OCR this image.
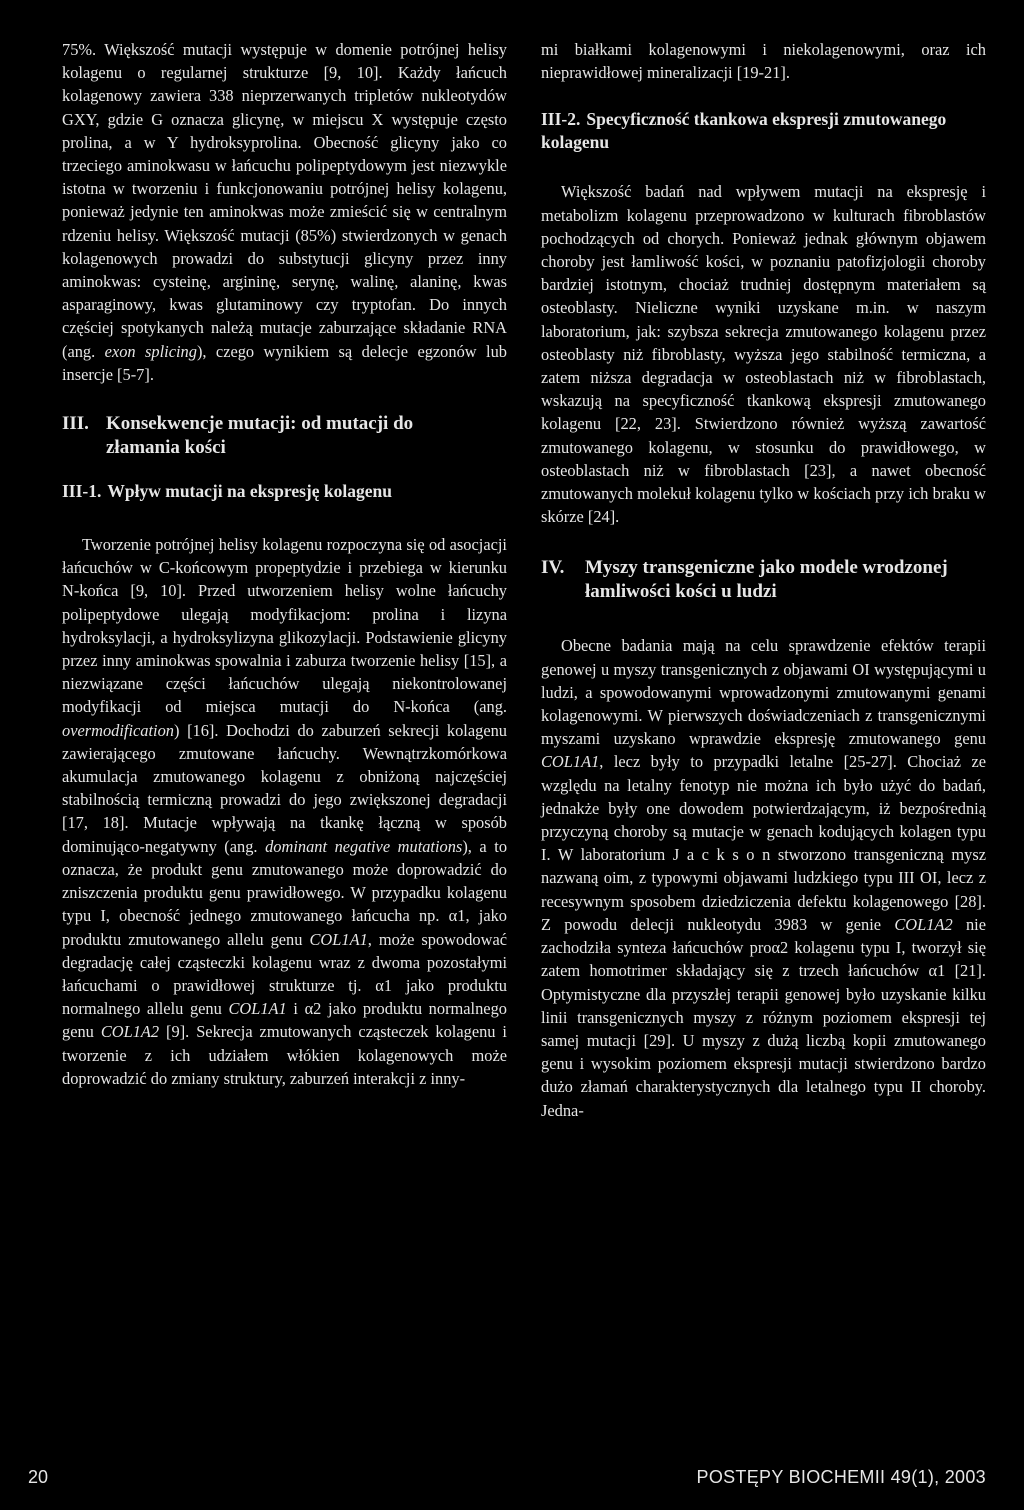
75%. Większość mutacji występuje w domenie potrójnej helisy kolagenu o regularnej strukturze [9, 10]. Każdy łańcuch kolagenowy zawiera 338 nieprzerwanych tripletów nukleotydów GXY, gdzie G oznacza glicynę, w miejscu X występuje często prolina, a w Y hydroksyprolina. Obecność glicyny jako co trzeciego aminokwasu w łańcuchu polipeptydowym jest niezwykle istotna w tworzeniu i funkcjonowaniu potrójnej helisy kolagenu, ponieważ jedynie ten aminokwas może zmieścić się w centralnym rdzeniu helisy. Większość mutacji (85%) stwierdzonych w genach kolagenowych prowadzi do substytucji glicyny przez inny aminokwas: cysteinę, argininę, serynę, walinę, alaninę, kwas asparaginowy, kwas glutaminowy czy tryptofan. Do innych częściej spotykanych należą mutacje zaburzające składanie RNA (ang. exon splicing), czego wynikiem są delecje egzonów lub insercje [5-7].

III. Konsekwencje mutacji: od mutacji do złamania kości
III-1. Wpływ mutacji na ekspresję kolagenu

Tworzenie potrójnej helisy kolagenu rozpoczyna się od asocjacji łańcuchów w C-końcowym propeptydzie i przebiega w kierunku N-końca [9, 10]. Przed utworzeniem helisy wolne łańcuchy polipeptydowe ulegają modyfikacjom: prolina i lizyna hydroksylacji, a hydroksylizyna glikozylacji. Podstawienie glicyny przez inny aminokwas spowalnia i zaburza tworzenie helisy [15], a niezwiązane części łańcuchów ulegają niekontrolowanej modyfikacji od miejsca mutacji do N-końca (ang. overmodification) [16]. Dochodzi do zaburzeń sekrecji kolagenu zawierającego zmutowane łańcuchy. Wewnątrzkomórkowa akumulacja zmutowanego kolagenu z obniżoną najczęściej stabilnością termiczną prowadzi do jego zwiększonej degradacji [17, 18]. Mutacje wpływają na tkankę łączną w sposób dominująco-negatywny (ang. dominant negative mutations), a to oznacza, że produkt genu zmutowanego może doprowadzić do zniszczenia produktu genu prawidłowego. W przypadku kolagenu typu I, obecność jednego zmutowanego łańcucha np. α1, jako produktu zmutowanego allelu genu COL1A1, może spowodować degradację całej cząsteczki kolagenu wraz z dwoma pozostałymi łańcuchami o prawidłowej strukturze tj. α1 jako produktu normalnego allelu genu COL1A1 i α2 jako produktu normalnego genu COL1A2 [9]. Sekrecja zmutowanych cząsteczek kolagenu i tworzenie z ich udziałem włókien kolagenowych może doprowadzić do zmiany struktury, zaburzeń interakcji z inny-

mi białkami kolagenowymi i niekolagenowymi, oraz ich nieprawidłowej mineralizacji [19-21].

III-2. Specyficzność tkankowa ekspresji zmutowanego kolagenu

Większość badań nad wpływem mutacji na ekspresję i metabolizm kolagenu przeprowadzono w kulturach fibroblastów pochodzących od chorych. Ponieważ jednak głównym objawem choroby jest łamliwość kości, w poznaniu patofizjologii choroby bardziej istotnym, chociaż trudniej dostępnym materiałem są osteoblasty. Nieliczne wyniki uzyskane m.in. w naszym laboratorium, jak: szybsza sekrecja zmutowanego kolagenu przez osteoblasty niż fibroblasty, wyższa jego stabilność termiczna, a zatem niższa degradacja w osteoblastach niż w fibroblastach, wskazują na specyficzność tkankową ekspresji zmutowanego kolagenu [22, 23]. Stwierdzono również wyższą zawartość zmutowanego kolagenu, w stosunku do prawidłowego, w osteoblastach niż w fibroblastach [23], a nawet obecność zmutowanych molekuł kolagenu tylko w kościach przy ich braku w skórze [24].

IV. Myszy transgeniczne jako modele wrodzonej łamliwości kości u ludzi

Obecne badania mają na celu sprawdzenie efektów terapii genowej u myszy transgenicznych z objawami OI występującymi u ludzi, a spowodowanymi wprowadzonymi zmutowanymi genami kolagenowymi. W pierwszych doświadczeniach z transgenicznymi myszami uzyskano wprawdzie ekspresję zmutowanego genu COL1A1, lecz były to przypadki letalne [25-27]. Chociaż ze względu na letalny fenotyp nie można ich było użyć do badań, jednakże były one dowodem potwierdzającym, iż bezpośrednią przyczyną choroby są mutacje w genach kodujących kolagen typu I. W laboratorium J a c k s o n stworzono transgeniczną mysz nazwaną oim, z typowymi objawami ludzkiego typu III OI, lecz z recesywnym sposobem dziedziczenia defektu kolagenowego [28]. Z powodu delecji nukleotydu 3983 w genie COL1A2 nie zachodziła synteza łańcuchów proα2 kolagenu typu I, tworzył się zatem homotrimer składający się z trzech łańcuchów α1 [21]. Optymistyczne dla przyszłej terapii genowej było uzyskanie kilku linii transgenicznych myszy z różnym poziomem ekspresji tej samej mutacji [29]. U myszy z dużą liczbą kopii zmutowanego genu i wysokim poziomem ekspresji mutacji stwierdzono bardzo dużo złamań charakterystycznych dla letalnego typu II choroby. Jedna-

20	POSTĘPY BIOCHEMII 49(1), 2003
